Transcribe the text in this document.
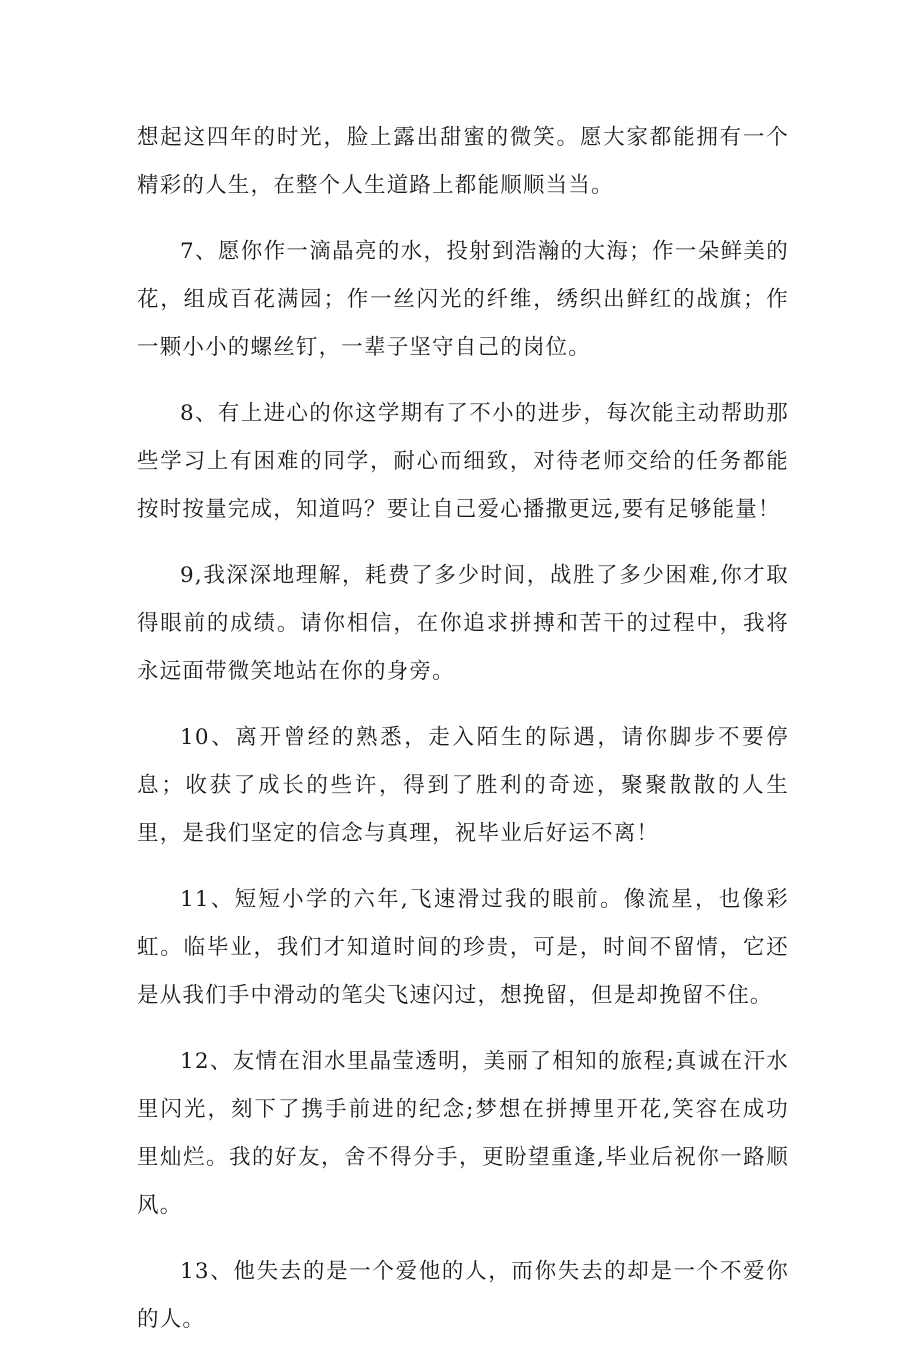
想起这四年的时光，脸上露出甜蜜的微笑。愿大家都能拥有一个精彩的人生，在整个人生道路上都能顺顺当当。

7、愿你作一滴晶亮的水，投射到浩瀚的大海；作一朵鲜美的花，组成百花满园；作一丝闪光的纤维，绣织出鲜红的战旗；作一颗小小的螺丝钉，一辈子坚守自己的岗位。

8、有上进心的你这学期有了不小的进步，每次能主动帮助那些学习上有困难的同学，耐心而细致，对待老师交给的任务都能按时按量完成，知道吗？要让自己爱心播撒更远,要有足够能量！

9,我深深地理解，耗费了多少时间，战胜了多少困难,你才取得眼前的成绩。请你相信，在你追求拼搏和苦干的过程中，我将永远面带微笑地站在你的身旁。

10、离开曾经的熟悉，走入陌生的际遇，请你脚步不要停息；收获了成长的些许，得到了胜利的奇迹，聚聚散散的人生里，是我们坚定的信念与真理，祝毕业后好运不离！

11、短短小学的六年,飞速滑过我的眼前。像流星，也像彩虹。临毕业，我们才知道时间的珍贵，可是，时间不留情，它还是从我们手中滑动的笔尖飞速闪过，想挽留，但是却挽留不住。

12、友情在泪水里晶莹透明，美丽了相知的旅程;真诚在汗水里闪光，刻下了携手前进的纪念;梦想在拼搏里开花,笑容在成功里灿烂。我的好友，舍不得分手，更盼望重逢,毕业后祝你一路顺风。

13、他失去的是一个爱他的人，而你失去的却是一个不爱你的人。
